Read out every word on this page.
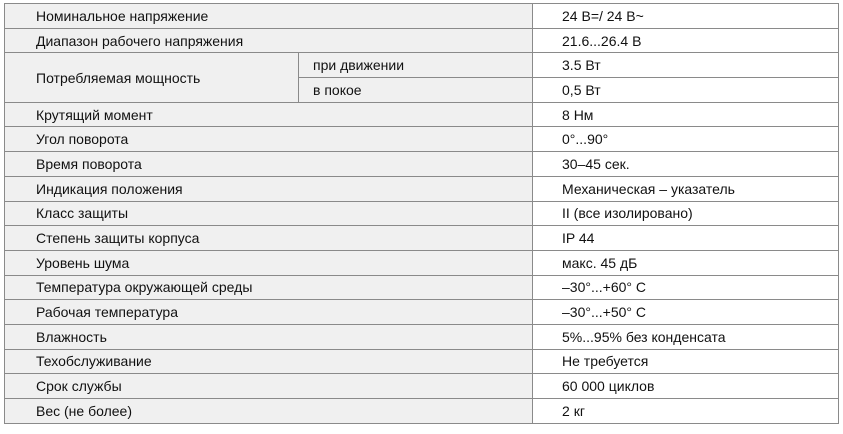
Номинальное напряжение		24 В=/ 24 В~
Диапазон рабочего напряжения		21.6...26.4 В
Потребляемая мощность	при движении	3.5 Вт
	в покое	0,5 Вт
Крутящий момент		8 Нм
Угол поворота		0°...90°
Время поворота		30–45 сек.
Индикация положения		Механическая – указатель
Класс защиты		II (все изолировано)
Степень защиты корпуса		IP 44
Уровень шума		макс. 45 дБ
Температура окружающей среды		–30°...+60° С
Рабочая температура		–30°...+50° С
Влажность		5%...95% без конденсата
Техобслуживание		Не требуется
Срок службы		60 000 циклов
Вес (не более)		2 кг
